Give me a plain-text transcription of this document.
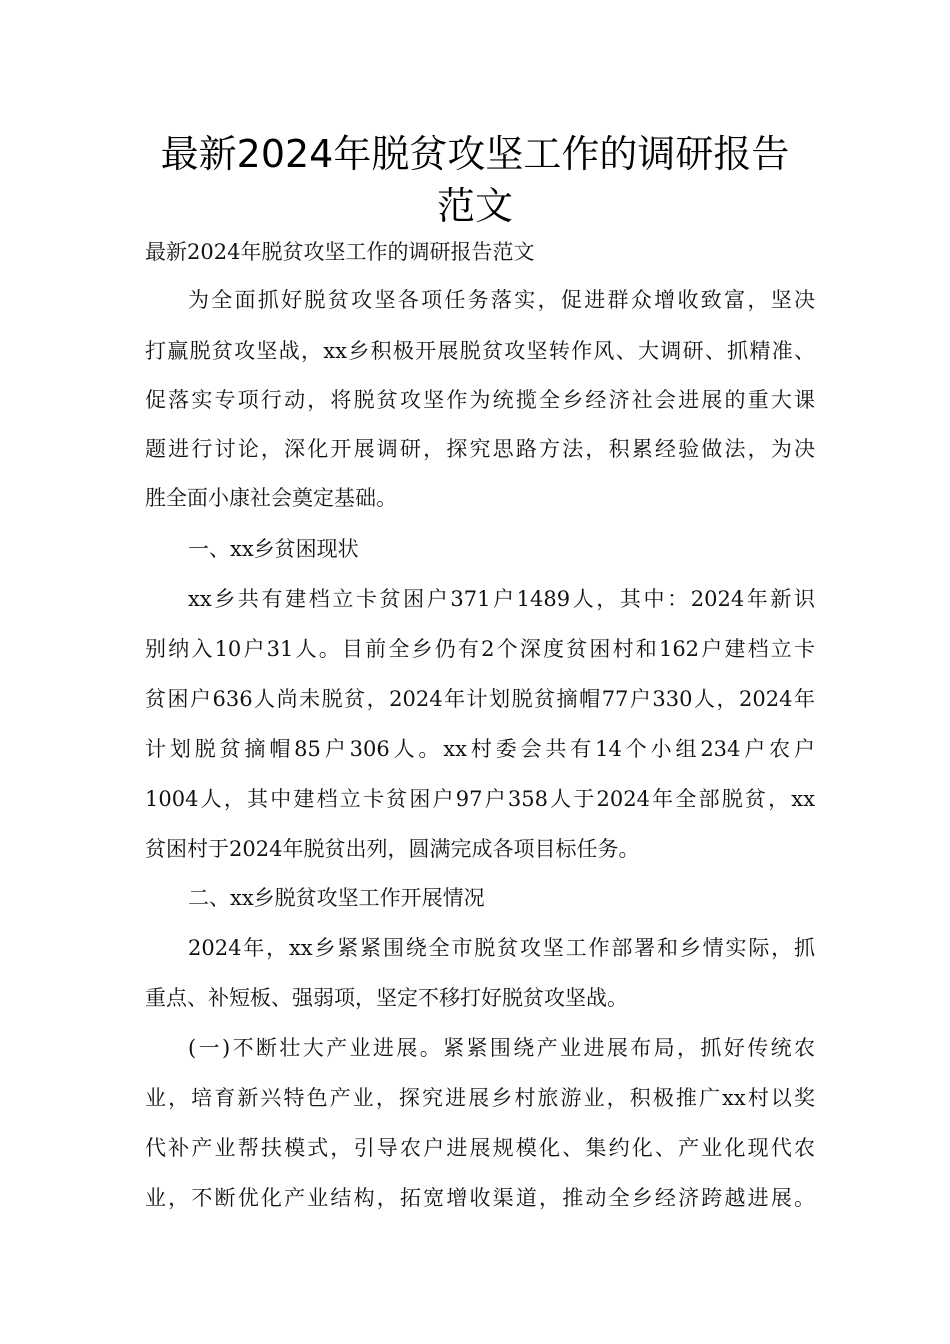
最新2024年脱贫攻坚工作的调研报告
范文
最新2024年脱贫攻坚工作的调研报告范文
为全面抓好脱贫攻坚各项任务落实，促进群众增收致富，坚决
打赢脱贫攻坚战，xx乡积极开展脱贫攻坚转作风、大调研、抓精准、
促落实专项行动，将脱贫攻坚作为统揽全乡经济社会进展的重大课
题进行讨论，深化开展调研，探究思路方法，积累经验做法，为决
胜全面小康社会奠定基础。
一、xx乡贫困现状
xx乡共有建档立卡贫困户371户1489人，其中：2024年新识
别纳入10户31人。目前全乡仍有2个深度贫困村和162户建档立卡
贫困户636人尚未脱贫，2024年计划脱贫摘帽77户330人，2024年
计划脱贫摘帽85户306人。xx村委会共有14个小组234户农户
1004人，其中建档立卡贫困户97户358人于2024年全部脱贫，xx
贫困村于2024年脱贫出列，圆满完成各项目标任务。
二、xx乡脱贫攻坚工作开展情况
2024年，xx乡紧紧围绕全市脱贫攻坚工作部署和乡情实际，抓
重点、补短板、强弱项，坚定不移打好脱贫攻坚战。
(一)不断壮大产业进展。紧紧围绕产业进展布局，抓好传统农
业，培育新兴特色产业，探究进展乡村旅游业，积极推广xx村以奖
代补产业帮扶模式，引导农户进展规模化、集约化、产业化现代农
业，不断优化产业结构，拓宽增收渠道，推动全乡经济跨越进展。
